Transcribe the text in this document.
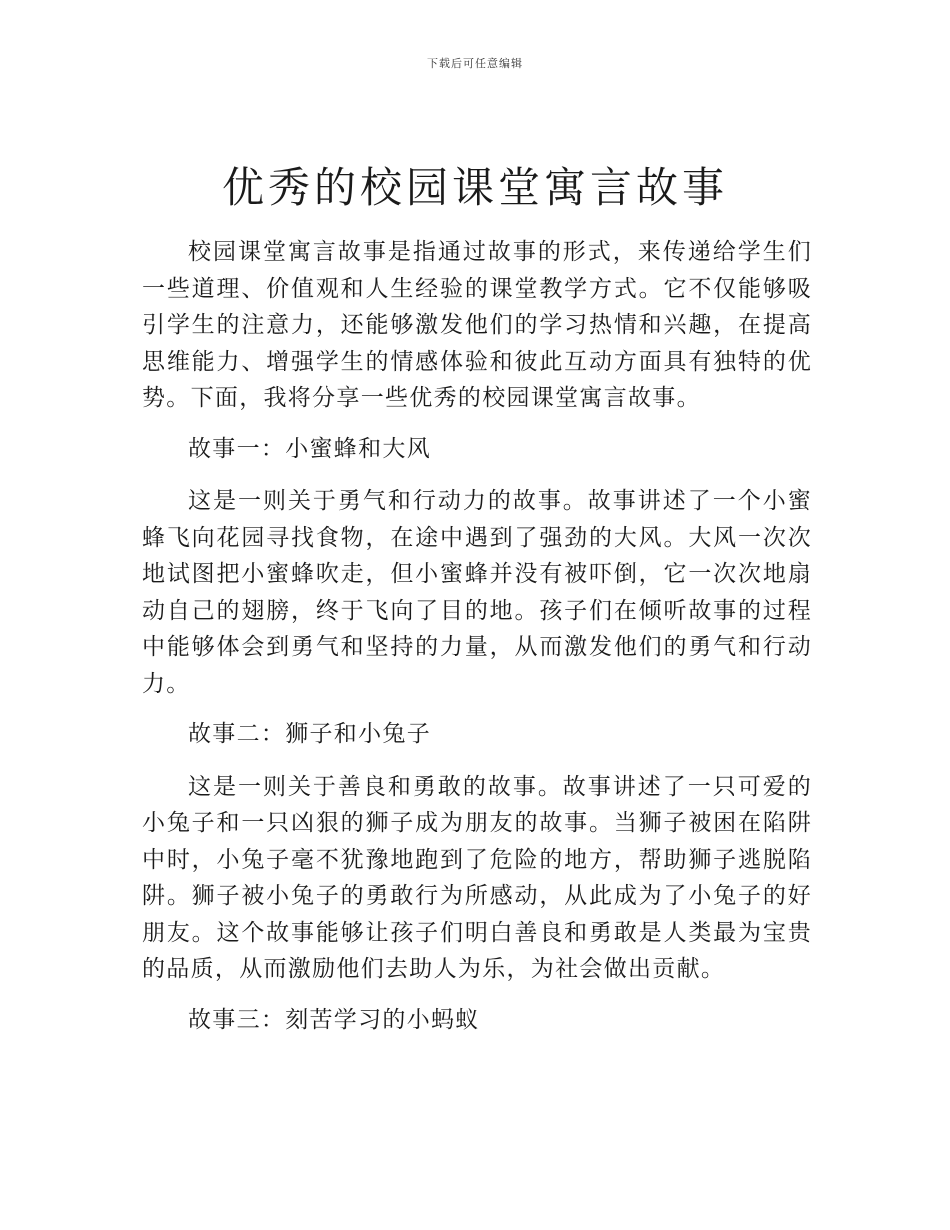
下载后可任意编辑
优秀的校园课堂寓言故事

校园课堂寓言故事是指通过故事的形式，来传递给学生们一些道理、价值观和人生经验的课堂教学方式。它不仅能够吸引学生的注意力，还能够激发他们的学习热情和兴趣，在提高思维能力、增强学生的情感体验和彼此互动方面具有独特的优势。下面，我将分享一些优秀的校园课堂寓言故事。

故事一：小蜜蜂和大风

这是一则关于勇气和行动力的故事。故事讲述了一个小蜜蜂飞向花园寻找食物，在途中遇到了强劲的大风。大风一次次地试图把小蜜蜂吹走，但小蜜蜂并没有被吓倒，它一次次地扇动自己的翅膀，终于飞向了目的地。孩子们在倾听故事的过程中能够体会到勇气和坚持的力量，从而激发他们的勇气和行动力。

故事二：狮子和小兔子

这是一则关于善良和勇敢的故事。故事讲述了一只可爱的小兔子和一只凶狠的狮子成为朋友的故事。当狮子被困在陷阱中时，小兔子毫不犹豫地跑到了危险的地方，帮助狮子逃脱陷阱。狮子被小兔子的勇敢行为所感动，从此成为了小兔子的好朋友。这个故事能够让孩子们明白善良和勇敢是人类最为宝贵的品质，从而激励他们去助人为乐，为社会做出贡献。

故事三：刻苦学习的小蚂蚁
